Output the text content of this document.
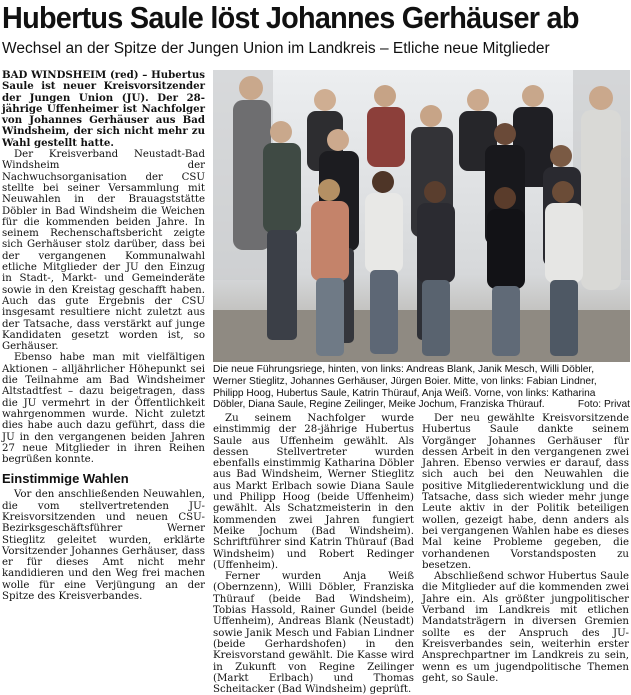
Hubertus Saule löst Johannes Gerhäuser ab
Wechsel an der Spitze der Jungen Union im Landkreis – Etliche neue Mitglieder
Die neue Führungsriege, hinten, von links: Andreas Blank, Janik Mesch, Willi Döbler, Werner Stieglitz, Johannes Gerhäuser, Jürgen Boier. Mitte, von links: Fabian Lindner, Philipp Hoog, Hubertus Saule, Katrin Thürauf, Anja Weiß. Vorne, von links: Katharina Döbler, Diana Saule, Regine Zeilinger, Meike Jochum, Franziska Thürauf.	Foto: Privat

BAD WINDSHEIM (red) – Hubertus Saule ist neuer Kreisvorsitzender der Jungen Union (JU). Der 28-jährige Uffenheimer ist Nachfolger von Johannes Gerhäuser aus Bad Windsheim, der sich nicht mehr zu Wahl gestellt hatte.

Der Kreisverband Neustadt-Bad Windsheim der Nachwuchsorganisation der CSU stellte bei seiner Versammlung mit Neuwahlen in der Brauagststätte Döbler in Bad Windsheim die Weichen für die kommenden beiden Jahre. In seinem Rechenschaftsbericht zeigte sich Gerhäuser stolz darüber, dass bei der vergangenen Kommunalwahl etliche Mitglieder der JU den Einzug in Stadt-, Markt- und Gemeinderäte sowie in den Kreistag geschafft haben. Auch das gute Ergebnis der CSU insgesamt resultiere nicht zuletzt aus der Tatsache, dass verstärkt auf junge Kandidaten gesetzt worden ist, so Gerhäuser.

Ebenso habe man mit vielfältigen Aktionen – alljährlicher Höhepunkt sei die Teilnahme am Bad Windsheimer Altstadtfest – dazu beigetragen, dass die JU vermehrt in der Öffentlichkeit wahrgenommen wurde. Nicht zuletzt dies habe auch dazu geführt, dass die JU in den vergangenen beiden Jahren 27 neue Mitglieder in ihren Reihen begrüßen konnte.

Einstimmige Wahlen

Vor den anschließenden Neuwahlen, die vom stellvertretenden JU-Kreisvorsitzenden und neuen CSU-Bezirksgeschäftsführer Werner Stieglitz geleitet wurden, erklärte Vorsitzender Johannes Gerhäuser, dass er für dieses Amt nicht mehr kandidieren und den Weg frei machen wolle für eine Verjüngung an der Spitze des Kreisverbandes.

Zu seinem Nachfolger wurde einstimmig der 28-jährige Hubertus Saule aus Uffenheim gewählt. Als dessen Stellvertreter wurden ebenfalls einstimmig Katharina Döbler aus Bad Windsheim, Werner Stieglitz aus Markt Erlbach sowie Diana Saule und Philipp Hoog (beide Uffenheim) gewählt. Als Schatzmeisterin in den kommenden zwei Jahren fungiert Meike Jochum (Bad Windsheim). Schriftführer sind Katrin Thürauf (Bad Windsheim) und Robert Redinger (Uffenheim).

Ferner wurden Anja Weiß (Obernzenn), Willi Döbler, Franziska Thürauf (beide Bad Windsheim), Tobias Hassold, Rainer Gundel (beide Uffenheim), Andreas Blank (Neustadt) sowie Janik Mesch und Fabian Lindner (beide Gerhardshofen) in den Kreisvorstand gewählt. Die Kasse wird in Zukunft von Regine Zeilinger (Markt Erlbach) und Thomas Scheitacker (Bad Windsheim) geprüft.

Der neu gewählte Kreisvorsitzende Hubertus Saule dankte seinem Vorgänger Johannes Gerhäuser für dessen Arbeit in den vergangenen zwei Jahren. Ebenso verwies er darauf, dass sich auch bei den Neuwahlen die positive Mitgliederentwicklung und die Tatsache, dass sich wieder mehr junge Leute aktiv in der Politik beteiligen wollen, gezeigt habe, denn anders als bei vergangenen Wahlen habe es dieses Mal keine Probleme gegeben, die vorhandenen Vorstandsposten zu besetzen.

Abschließend schwor Hubertus Saule die Mitglieder auf die kommenden zwei Jahre ein. Als größter jungpolitischer Verband im Landkreis mit etlichen Mandatsträgern in diversen Gremien sollte es der Anspruch des JU-Kreisverbandes sein, weiterhin erster Ansprechpartner im Landkreis zu sein, wenn es um jugendpolitische Themen geht, so Saule.
